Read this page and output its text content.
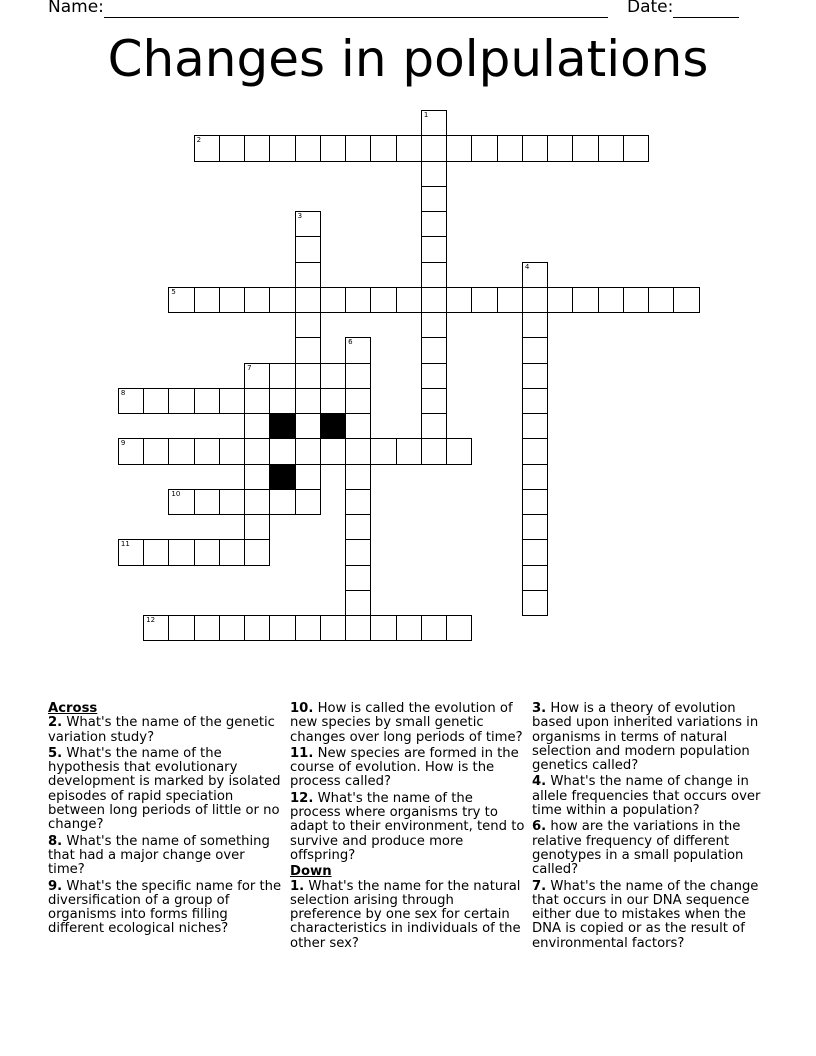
Name:	Date:
Changes in polpulations
1
2
3
4
5
6
7
8
9
10
11
12
Across
2. What's the name of the genetic variation study?
5. What's the name of the hypothesis that evolutionary development is marked by isolated episodes of rapid speciation between long periods of little or no change?
8. What's the name of something that had a major change over time?
9. What's the specific name for the diversification of a group of organisms into forms filling different ecological niches?
10. How is called the evolution of new species by small genetic changes over long periods of time?
11. New species are formed in the course of evolution. How is the process called?
12. What's the name of the process where organisms try to adapt to their environment, tend to survive and produce more offspring?
Down
1. What's the name for the natural selection arising through preference by one sex for certain characteristics in individuals of the other sex?
3. How is a theory of evolution based upon inherited variations in organisms in terms of natural selection and modern population genetics called?
4. What's the name of change in allele frequencies that occurs over time within a population?
6. how are the variations in the relative frequency of different genotypes in a small population called?
7. What's the name of the change that occurs in our DNA sequence either due to mistakes when the DNA is copied or as the result of environmental factors?
